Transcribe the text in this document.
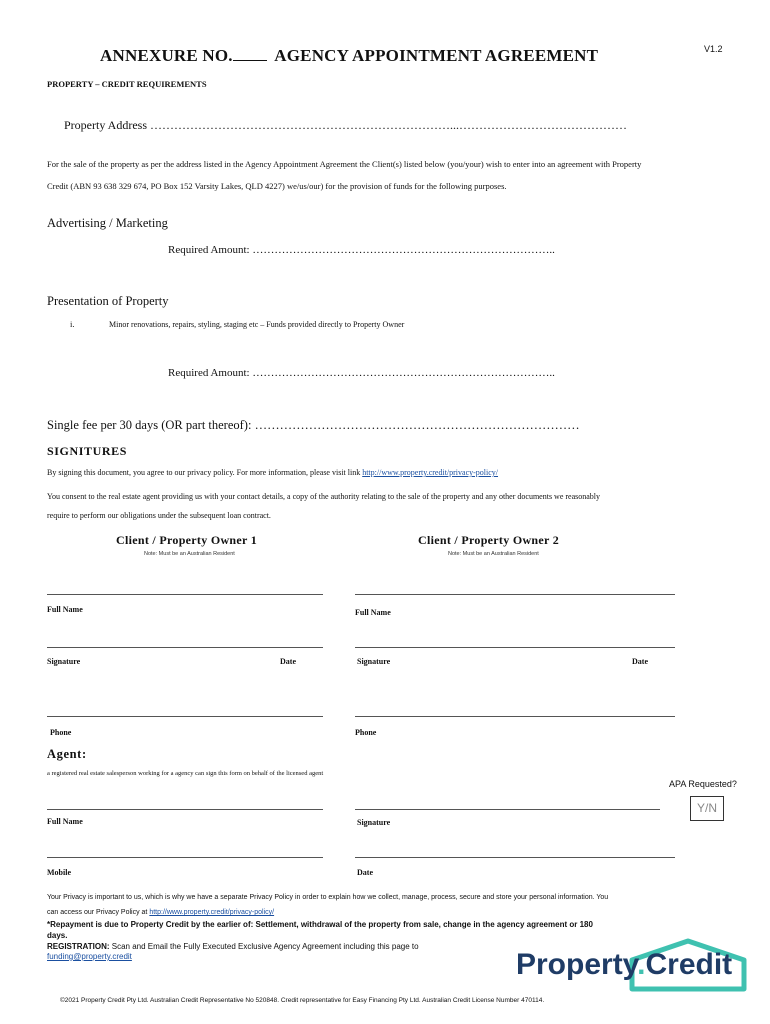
ANNEXURE NO. AGENCY APPOINTMENT AGREEMENT	V1.2
PROPERTY – CREDIT REQUIREMENTS
Property Address …………………………………………………………………...……………………………………
For the sale of the property as per the address listed in the Agency Appointment Agreement the Client(s) listed below (you/your) wish to enter into an agreement with Property
Credit (ABN 93 638 329 674, PO Box 152 Varsity Lakes, QLD 4227) we/us/our) for the provision of funds for the following purposes.
Advertising / Marketing
Required Amount: ………………………………………………………………………..
Presentation of Property
i.	Minor renovations, repairs, styling, staging etc – Funds provided directly to Property Owner
Required Amount: ………………………………………………………………………..
Single fee per 30 days (OR part thereof): ……………………………………………………………………
SIGNITURES
By signing this document, you agree to our privacy policy. For more information, please visit link http://www.property.credit/privacy-policy/
You consent to the real estate agent providing us with your contact details, a copy of the authority relating to the sale of the property and any other documents we reasonably
require to perform our obligations under the subsequent loan contract.
Client / Property Owner 1
Note: Must be an Australian Resident
Full Name
Signature	Date
Phone
Client / Property Owner 2
Note: Must be an Australian Resident
Full Name
Signature	Date
Phone
Agent:
a registered real estate salesperson working for a agency can sign this form on behalf of the licensed agent
APA Requested?
Y/N
Full Name	Signature
Mobile	Date
Your Privacy is important to us, which is why we have a separate Privacy Policy in order to explain how we collect, manage, process, secure and store your personal information. You
can access our Privacy Policy at http://www.property.credit/privacy-policy/
*Repayment is due to Property Credit by the earlier of: Settlement, withdrawal of the property from sale, change in the agency agreement or 180
days.
REGISTRATION: Scan and Email the Fully Executed Exclusive Agency Agreement including this page to
funding@property.credit	Property.Credit
©2021 Property Credit Pty Ltd. Australian Credit Representative No 520848. Credit representative for Easy Financing Pty Ltd. Australian Credit License Number 470114.
